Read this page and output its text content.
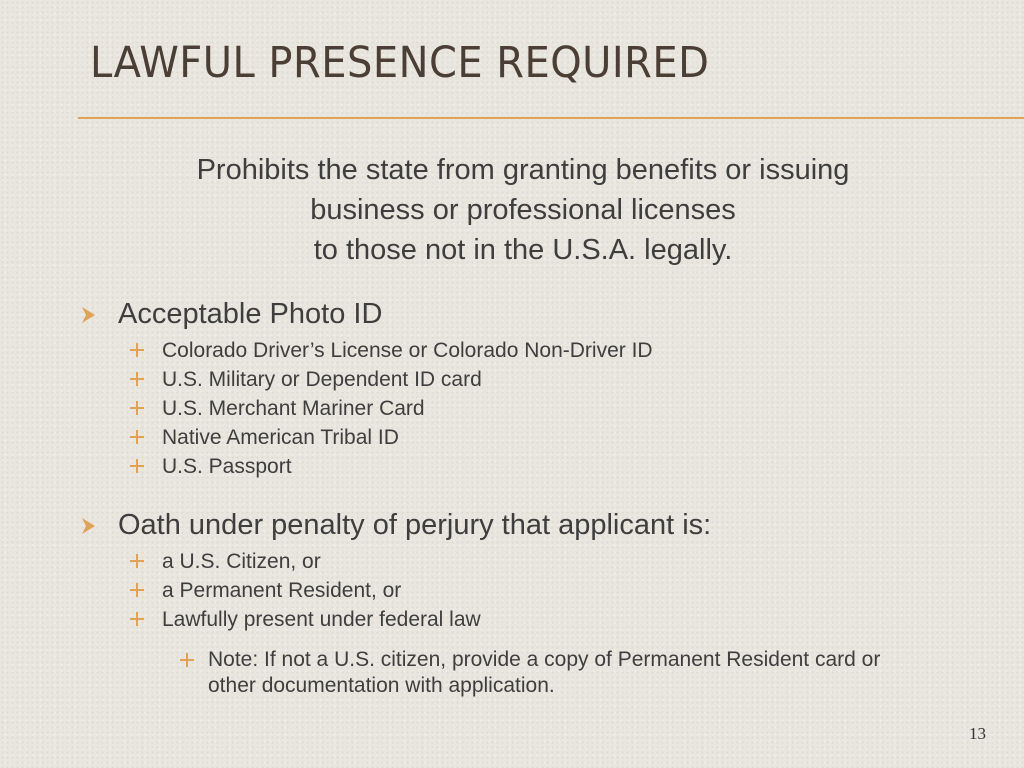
LAWFUL PRESENCE REQUIRED
Prohibits the state from granting benefits or issuing
business or professional licenses
to those not in the U.S.A. legally.
Acceptable Photo ID
Colorado Driver’s License or Colorado Non-Driver ID
U.S. Military or Dependent ID card
U.S. Merchant Mariner Card
Native American Tribal ID
U.S. Passport
Oath under penalty of perjury that applicant is:
a U.S. Citizen, or
a Permanent Resident, or
Lawfully present under federal law
Note: If not a U.S. citizen, provide a copy of Permanent Resident card or other documentation with application.
13
